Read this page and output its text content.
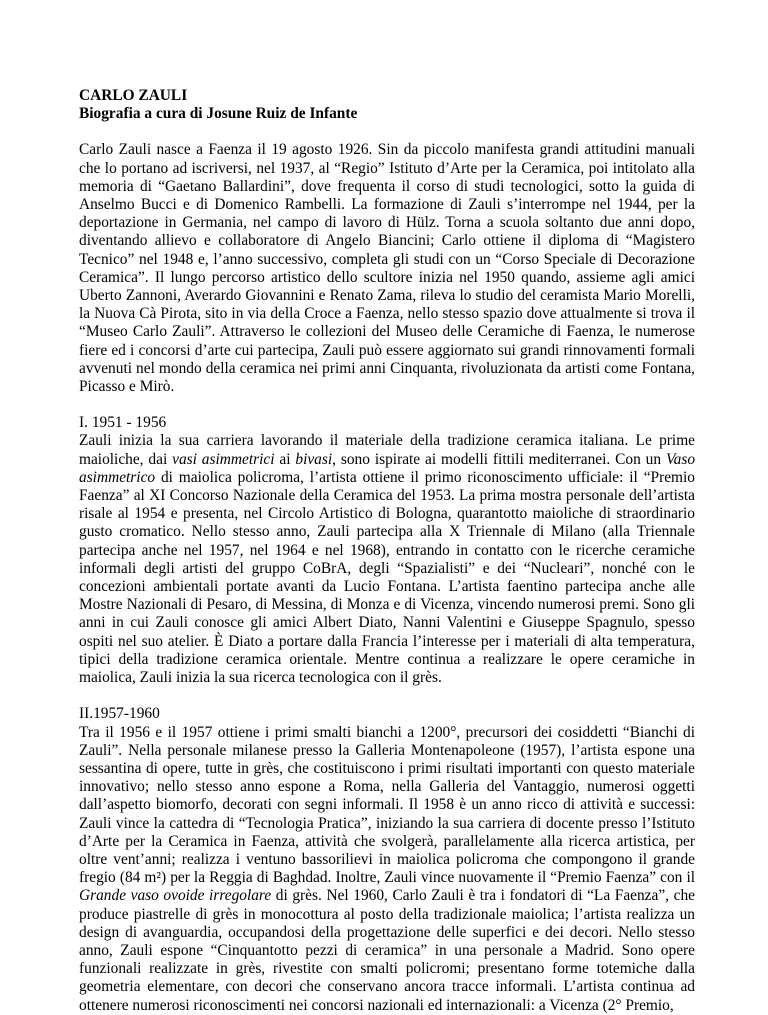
CARLO ZAULI
Biografia a cura di Josune Ruiz de Infante

Carlo Zauli nasce a Faenza il 19 agosto 1926. Sin da piccolo manifesta grandi attitudini manuali che lo portano ad iscriversi, nel 1937, al “Regio” Istituto d’Arte per la Ceramica, poi intitolato alla memoria di “Gaetano Ballardini”, dove frequenta il corso di studi tecnologici, sotto la guida di Anselmo Bucci e di Domenico Rambelli. La formazione di Zauli s’interrompe nel 1944, per la deportazione in Germania, nel campo di lavoro di Hülz. Torna a scuola soltanto due anni dopo, diventando allievo e collaboratore di Angelo Biancini; Carlo ottiene il diploma di “Magistero Tecnico” nel 1948 e, l’anno successivo, completa gli studi con un “Corso Speciale di Decorazione Ceramica”. Il lungo percorso artistico dello scultore inizia nel 1950 quando, assieme agli amici Uberto Zannoni, Averardo Giovannini e Renato Zama, rileva lo studio del ceramista Mario Morelli, la Nuova Cà Pirota, sito in via della Croce a Faenza, nello stesso spazio dove attualmente si trova il “Museo Carlo Zauli”. Attraverso le collezioni del Museo delle Ceramiche di Faenza, le numerose fiere ed i concorsi d’arte cui partecipa, Zauli può essere aggiornato sui grandi rinnovamenti formali avvenuti nel mondo della ceramica nei primi anni Cinquanta, rivoluzionata da artisti come Fontana, Picasso e Mirò.

I. 1951 - 1956
Zauli inizia la sua carriera lavorando il materiale della tradizione ceramica italiana. Le prime maioliche, dai vasi asimmetrici ai bivasi, sono ispirate ai modelli fittili mediterranei. Con un Vaso asimmetrico di maiolica policroma, l’artista ottiene il primo riconoscimento ufficiale: il “Premio Faenza” al XI Concorso Nazionale della Ceramica del 1953. La prima mostra personale dell’artista risale al 1954 e presenta, nel Circolo Artistico di Bologna, quarantotto maioliche di straordinario gusto cromatico. Nello stesso anno, Zauli partecipa alla X Triennale di Milano (alla Triennale partecipa anche nel 1957, nel 1964 e nel 1968), entrando in contatto con le ricerche ceramiche informali degli artisti del gruppo CoBrA, degli “Spazialisti” e dei “Nucleari”, nonché con le concezioni ambientali portate avanti da Lucio Fontana. L’artista faentino partecipa anche alle Mostre Nazionali di Pesaro, di Messina, di Monza e di Vicenza, vincendo numerosi premi. Sono gli anni in cui Zauli conosce gli amici Albert Diato, Nanni Valentini e Giuseppe Spagnulo, spesso ospiti nel suo atelier. È Diato a portare dalla Francia l’interesse per i materiali di alta temperatura, tipici della tradizione ceramica orientale. Mentre continua a realizzare le opere ceramiche in maiolica, Zauli inizia la sua ricerca tecnologica con il grès.

II.1957-1960
Tra il 1956 e il 1957 ottiene i primi smalti bianchi a 1200°, precursori dei cosiddetti “Bianchi di Zauli”. Nella personale milanese presso la Galleria Montenapoleone (1957), l’artista espone una sessantina di opere, tutte in grès, che costituiscono i primi risultati importanti con questo materiale innovativo; nello stesso anno espone a Roma, nella Galleria del Vantaggio, numerosi oggetti dall’aspetto biomorfo, decorati con segni informali. Il 1958 è un anno ricco di attività e successi: Zauli vince la cattedra di “Tecnologia Pratica”, iniziando la sua carriera di docente presso l’Istituto d’Arte per la Ceramica in Faenza, attività che svolgerà, parallelamente alla ricerca artistica, per oltre vent’anni; realizza i ventuno bassorilievi in maiolica policroma che compongono il grande fregio (84 m²) per la Reggia di Baghdad. Inoltre, Zauli vince nuovamente il “Premio Faenza” con il Grande vaso ovoide irregolare di grès. Nel 1960, Carlo Zauli è tra i fondatori di “La Faenza”, che produce piastrelle di grès in monocottura al posto della tradizionale maiolica; l’artista realizza un design di avanguardia, occupandosi della progettazione delle superfici e dei decori. Nello stesso anno, Zauli espone “Cinquantotto pezzi di ceramica” in una personale a Madrid. Sono opere funzionali realizzate in grès, rivestite con smalti policromi; presentano forme totemiche dalla geometria elementare, con decori che conservano ancora tracce informali. L’artista continua ad ottenere numerosi riconoscimenti nei concorsi nazionali ed internazionali: a Vicenza (2° Premio,
